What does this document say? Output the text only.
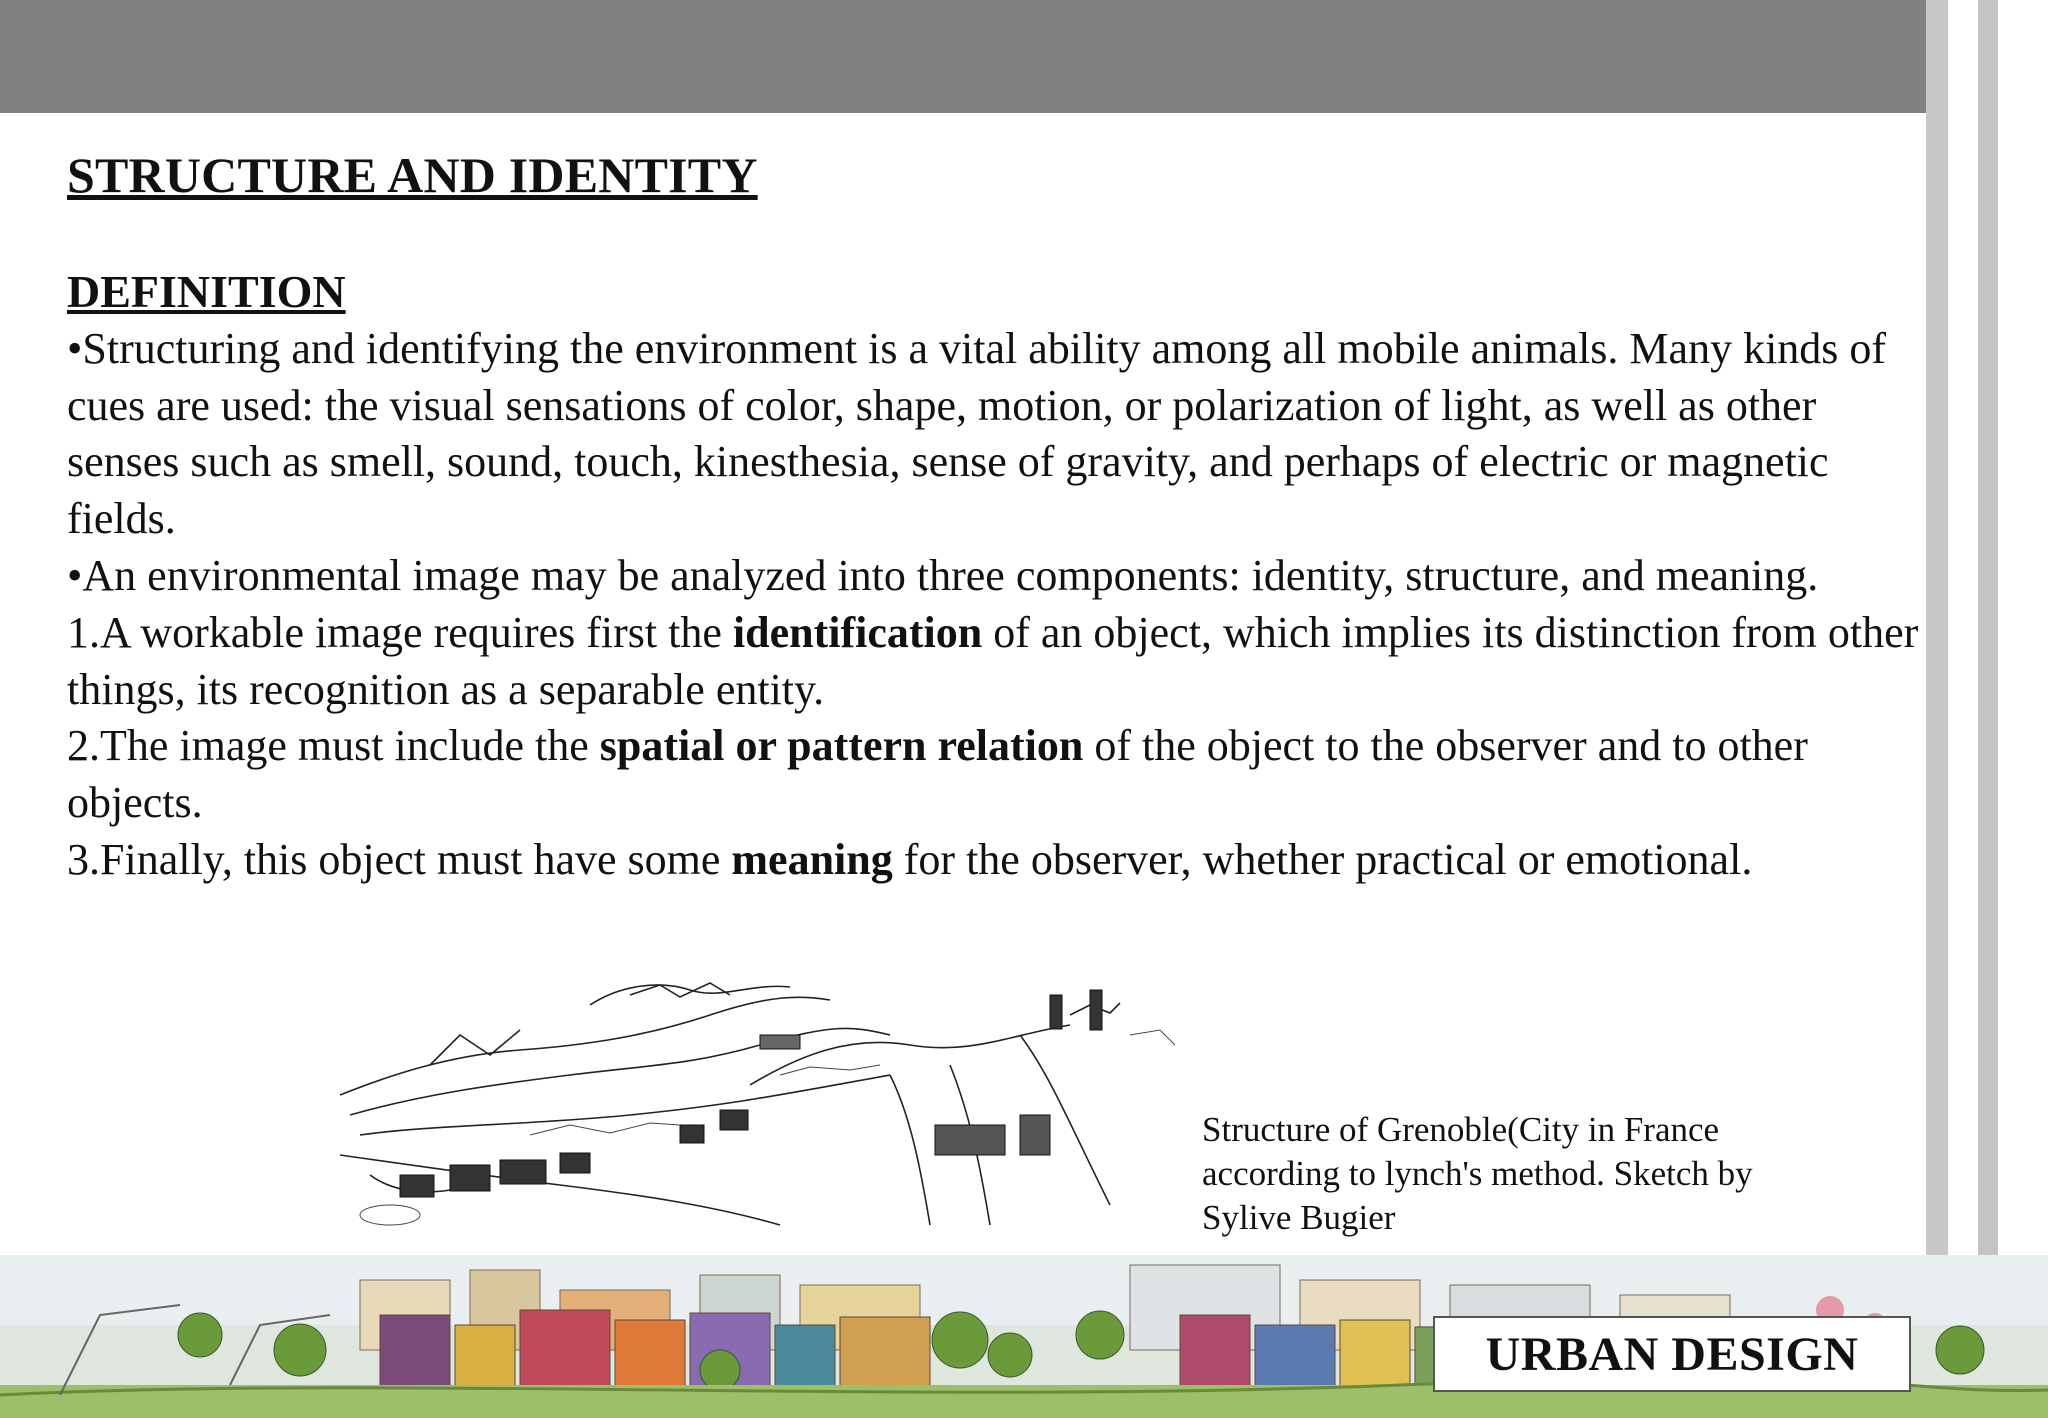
STRUCTURE AND IDENTITY
DEFINITION
•Structuring and identifying the environment is a vital ability among all mobile animals. Many kinds of cues are used: the visual sensations of color, shape, motion, or polarization of light, as well as other senses such as smell, sound, touch, kinesthesia, sense of gravity, and perhaps of electric or magnetic fields.
•An environmental image may be analyzed into three components: identity, structure, and meaning.
1.A workable image requires first the identification of an object, which implies its distinction from other things, its recognition as a separable entity.
2.The image must include the spatial or pattern relation of the object to the observer and to other objects.
3.Finally, this object must have some meaning for the observer, whether practical or emotional.
Structure of Grenoble(City in France according to lynch's method. Sketch by Sylive Bugier
URBAN DESIGN
